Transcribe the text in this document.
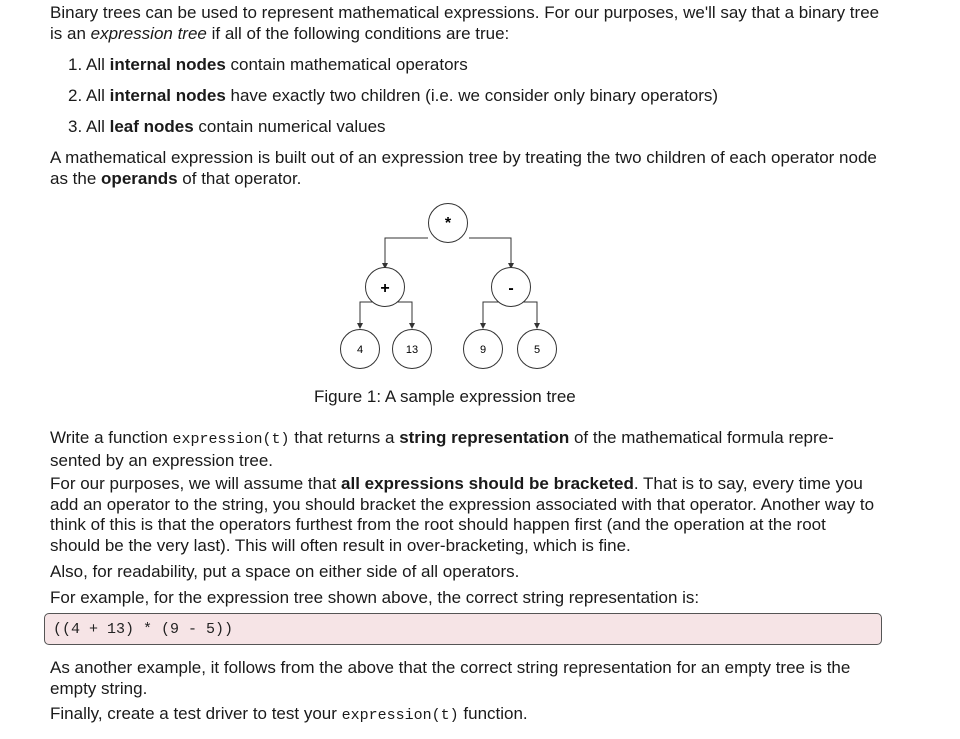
Binary trees can be used to represent mathematical expressions. For our purposes, we'll say that a binary tree is an expression tree if all of the following conditions are true:

1. All internal nodes contain mathematical operators

2. All internal nodes have exactly two children (i.e. we consider only binary operators)

3. All leaf nodes contain numerical values

A mathematical expression is built out of an expression tree by treating the two children of each operator node as the operands of that operator.

*
+	-
4	13	9	5

Figure 1: A sample expression tree

Write a function expression(t) that returns a string representation of the mathematical formula repre- sented by an expression tree.

For our purposes, we will assume that all expressions should be bracketed. That is to say, every time you add an operator to the string, you should bracket the expression associated with that operator. Another way to think of this is that the operators furthest from the root should happen first (and the operation at the root should be the very last). This will often result in over-bracketing, which is fine.

Also, for readability, put a space on either side of all operators.

For example, for the expression tree shown above, the correct string representation is:

((4 + 13) * (9 - 5))

As another example, it follows from the above that the correct string representation for an empty tree is the empty string.

Finally, create a test driver to test your expression(t) function.
